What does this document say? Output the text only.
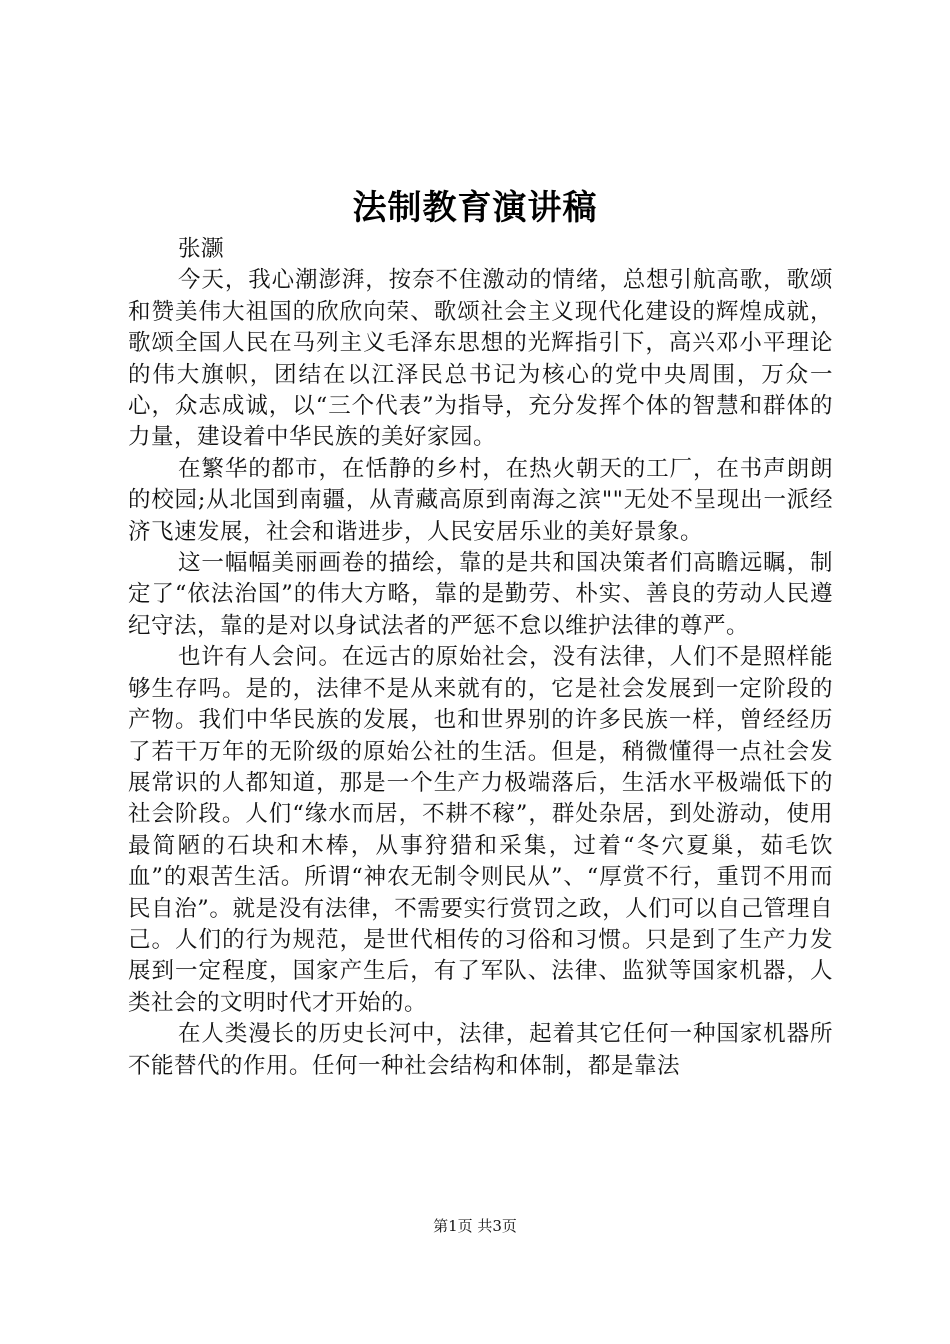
法制教育演讲稿

张灏

今天，我心潮澎湃，按奈不住激动的情绪，总想引航高歌，歌颂和赞美伟大祖国的欣欣向荣、歌颂社会主义现代化建设的辉煌成就，歌颂全国人民在马列主义毛泽东思想的光辉指引下，高兴邓小平理论的伟大旗帜，团结在以江泽民总书记为核心的党中央周围，万众一心，众志成诚，以“三个代表”为指导，充分发挥个体的智慧和群体的力量，建设着中华民族的美好家园。

在繁华的都市，在恬静的乡村，在热火朝天的工厂，在书声朗朗的校园;从北国到南疆，从青藏高原到南海之滨""无处不呈现出一派经济飞速发展，社会和谐进步，人民安居乐业的美好景象。

这一幅幅美丽画卷的描绘，靠的是共和国决策者们高瞻远瞩，制定了“依法治国”的伟大方略，靠的是勤劳、朴实、善良的劳动人民遵纪守法，靠的是对以身试法者的严惩不怠以维护法律的尊严。

也许有人会问。在远古的原始社会，没有法律，人们不是照样能够生存吗。是的，法律不是从来就有的，它是社会发展到一定阶段的产物。我们中华民族的发展，也和世界别的许多民族一样，曾经经历了若干万年的无阶级的原始公社的生活。但是，稍微懂得一点社会发展常识的人都知道，那是一个生产力极端落后，生活水平极端低下的社会阶段。人们“缘水而居，不耕不稼”，群处杂居，到处游动，使用最简陋的石块和木棒，从事狩猎和采集，过着“冬穴夏巢，茹毛饮血”的艰苦生活。所谓“神农无制令则民从”、“厚赏不行，重罚不用而民自治”。就是没有法律，不需要实行赏罚之政，人们可以自己管理自己。人们的行为规范，是世代相传的习俗和习惯。只是到了生产力发展到一定程度，国家产生后，有了军队、法律、监狱等国家机器，人类社会的文明时代才开始的。

在人类漫长的历史长河中，法律，起着其它任何一种国家机器所不能替代的作用。任何一种社会结构和体制，都是靠法

第1页 共3页
